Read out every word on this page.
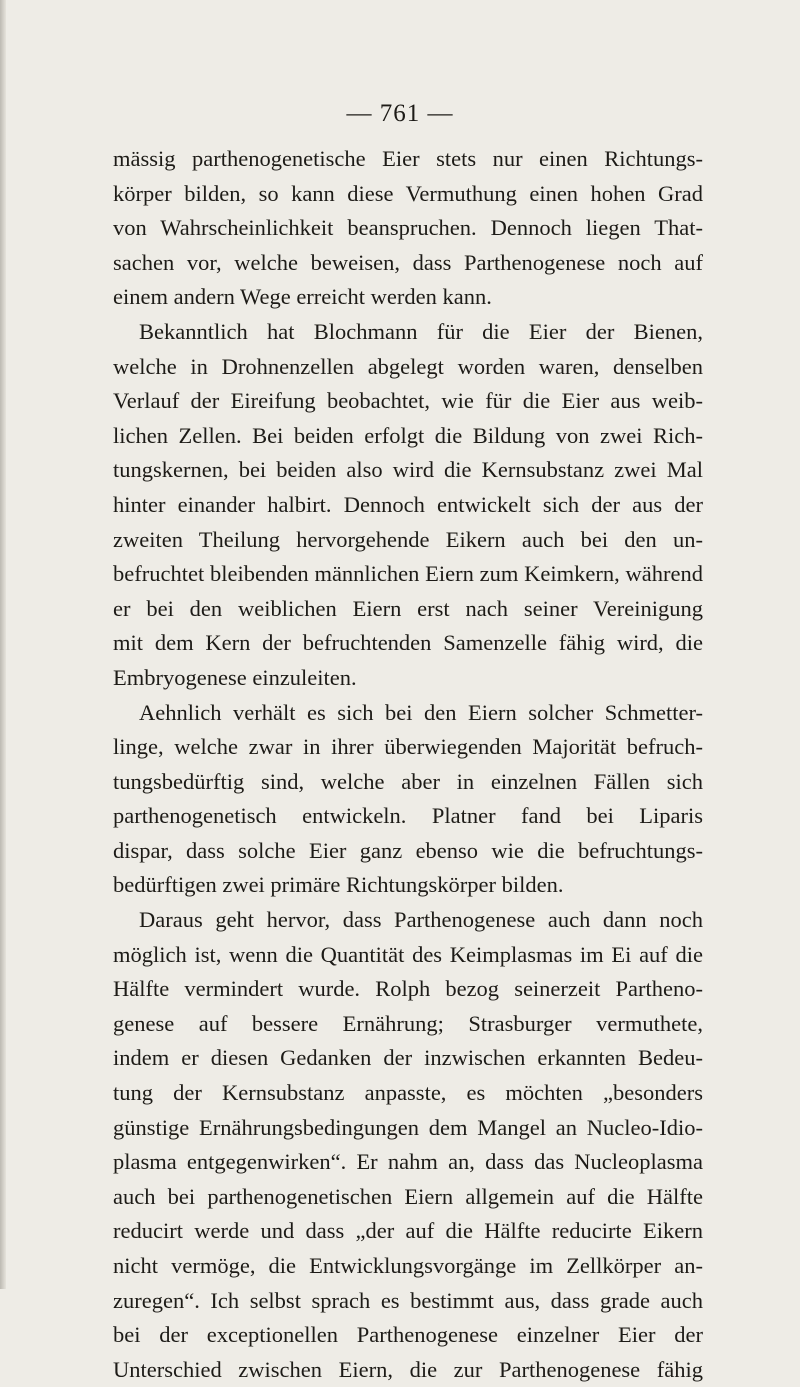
— 761 —
mässig parthenogenetische Eier stets nur einen Richtungs-
körper bilden, so kann diese Vermuthung einen hohen Grad
von Wahrscheinlichkeit beanspruchen. Dennoch liegen That-
sachen vor, welche beweisen, dass Parthenogenese noch auf
einem andern Wege erreicht werden kann.
Bekanntlich hat Blochmann für die Eier der Bienen,
welche in Drohnenzellen abgelegt worden waren, denselben
Verlauf der Eireifung beobachtet, wie für die Eier aus weib-
lichen Zellen. Bei beiden erfolgt die Bildung von zwei Rich-
tungskernen, bei beiden also wird die Kernsubstanz zwei Mal
hinter einander halbirt. Dennoch entwickelt sich der aus der
zweiten Theilung hervorgehende Eikern auch bei den un-
befruchtet bleibenden männlichen Eiern zum Keimkern, während
er bei den weiblichen Eiern erst nach seiner Vereinigung
mit dem Kern der befruchtenden Samenzelle fähig wird, die
Embryogenese einzuleiten.
Aehnlich verhält es sich bei den Eiern solcher Schmetter-
linge, welche zwar in ihrer überwiegenden Majorität befruch-
tungsbedürftig sind, welche aber in einzelnen Fällen sich
parthenogenetisch entwickeln. Platner fand bei Liparis
dispar, dass solche Eier ganz ebenso wie die befruchtungs-
bedürftigen zwei primäre Richtungskörper bilden.
Daraus geht hervor, dass Parthenogenese auch dann noch
möglich ist, wenn die Quantität des Keimplasmas im Ei auf die
Hälfte vermindert wurde. Rolph bezog seinerzeit Partheno-
genese auf bessere Ernährung; Strasburger vermuthete,
indem er diesen Gedanken der inzwischen erkannten Bedeu-
tung der Kernsubstanz anpasste, es möchten „besonders
günstige Ernährungsbedingungen dem Mangel an Nucleo-Idio-
plasma entgegenwirken“. Er nahm an, dass das Nucleoplasma
auch bei parthenogenetischen Eiern allgemein auf die Hälfte
reducirt werde und dass „der auf die Hälfte reducirte Eikern
nicht vermöge, die Entwicklungsvorgänge im Zellkörper an-
zuregen“. Ich selbst sprach es bestimmt aus, dass grade auch
bei der exceptionellen Parthenogenese einzelner Eier der
Unterschied zwischen Eiern, die zur Parthenogenese fähig
